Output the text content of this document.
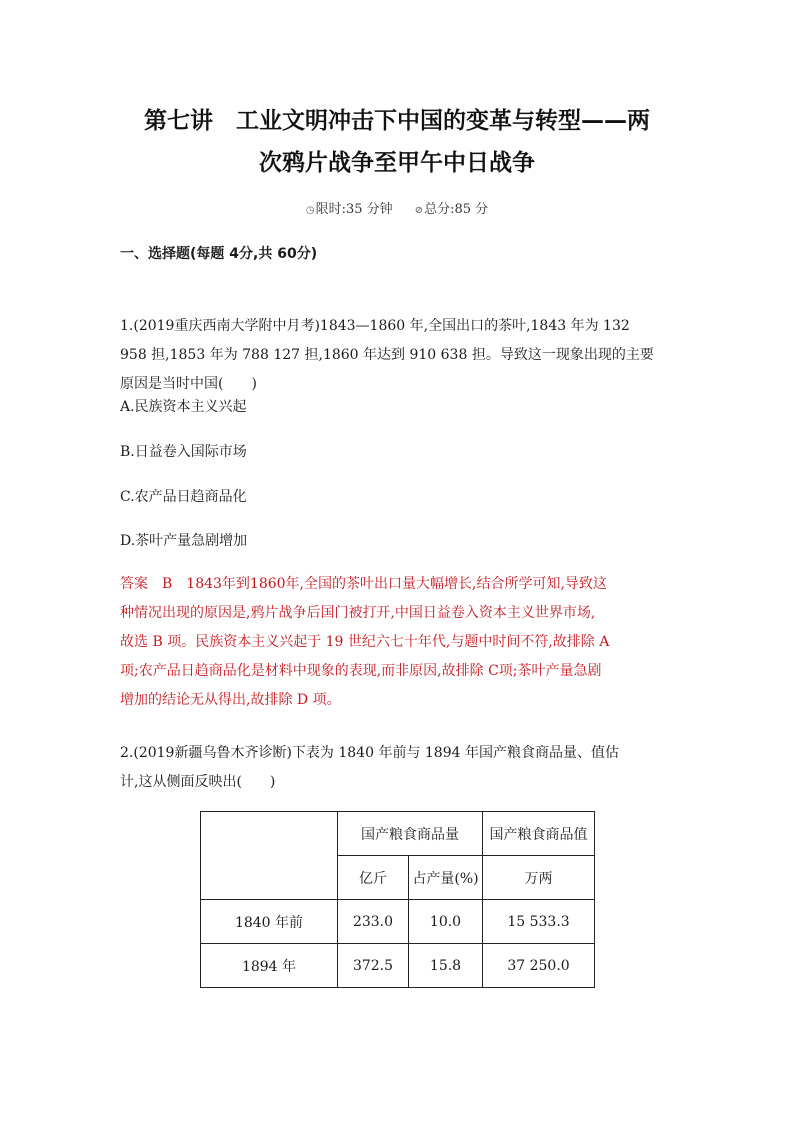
第七讲　工业文明冲击下中国的变革与转型——两
次鸦片战争至甲午中日战争
◷限时:35 分钟 ⊘总分:85 分
一、选择题(每题 4分,共 60分)
1.(2019重庆西南大学附中月考)1843—1860 年,全国出口的茶叶,1843 年为 132
958 担,1853 年为 788 127 担,1860 年达到 910 638 担。导致这一现象出现的主要
原因是当时中国(　　)
A.民族资本主义兴起
B.日益卷入国际市场
C.农产品日趋商品化
D.茶叶产量急剧增加
答案　B　1843年到1860年,全国的茶叶出口量大幅增长,结合所学可知,导致这
种情况出现的原因是,鸦片战争后国门被打开,中国日益卷入资本主义世界市场,
故选 B 项。民族资本主义兴起于 19 世纪六七十年代,与题中时间不符,故排除 A
项;农产品日趋商品化是材料中现象的表现,而非原因,故排除 C项;茶叶产量急剧
增加的结论无从得出,故排除 D 项。
2.(2019新疆乌鲁木齐诊断)下表为 1840 年前与 1894 年国产粮食商品量、值估
计,这从侧面反映出(　　)
	国产粮食商品量		国产粮食商品值
	亿斤	占产量(%)	万两
1840 年前	233.0	10.0	15 533.3
1894 年	372.5	15.8	37 250.0
